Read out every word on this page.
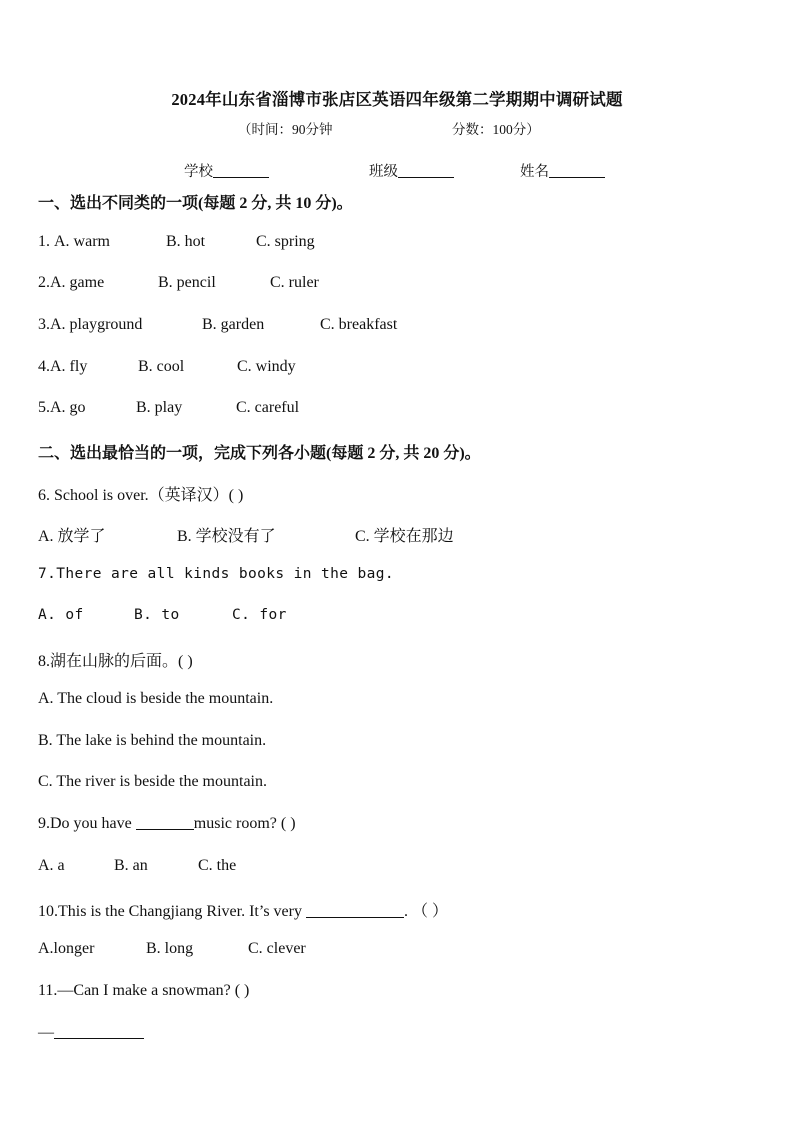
2024年山东省淄博市张店区英语四年级第二学期期中调研试题
（时间：90分钟	分数：100分）
学校	班级	姓名
一、选出不同类的一项(每题 2 分, 共 10 分)。
1. A. warm	B. hot	C. spring
2.A. game	B. pencil	C. ruler
3.A. playground	B. garden	C. breakfast
4.A. fly	B. cool	C. windy
5.A. go	B. play	C. careful
二、选出最恰当的一项，完成下列各小题(每题 2 分, 共 20 分)。
6. School is over.（英译汉）( )
A. 放学了	B. 学校没有了	C. 学校在那边
7.There are all kinds books in the bag.
A. of	B. to	C. for
8.湖在山脉的后面。( )
A. The cloud is beside the mountain.
B. The lake is behind the mountain.
C. The river is beside the mountain.
9.Do you have	music room? ( )
A. a	B. an	C. the
10.This is the Changjiang River. It’s very	. （ ）
A.longer	B. long	C. clever
11.—Can I make a snowman? ( )
—
